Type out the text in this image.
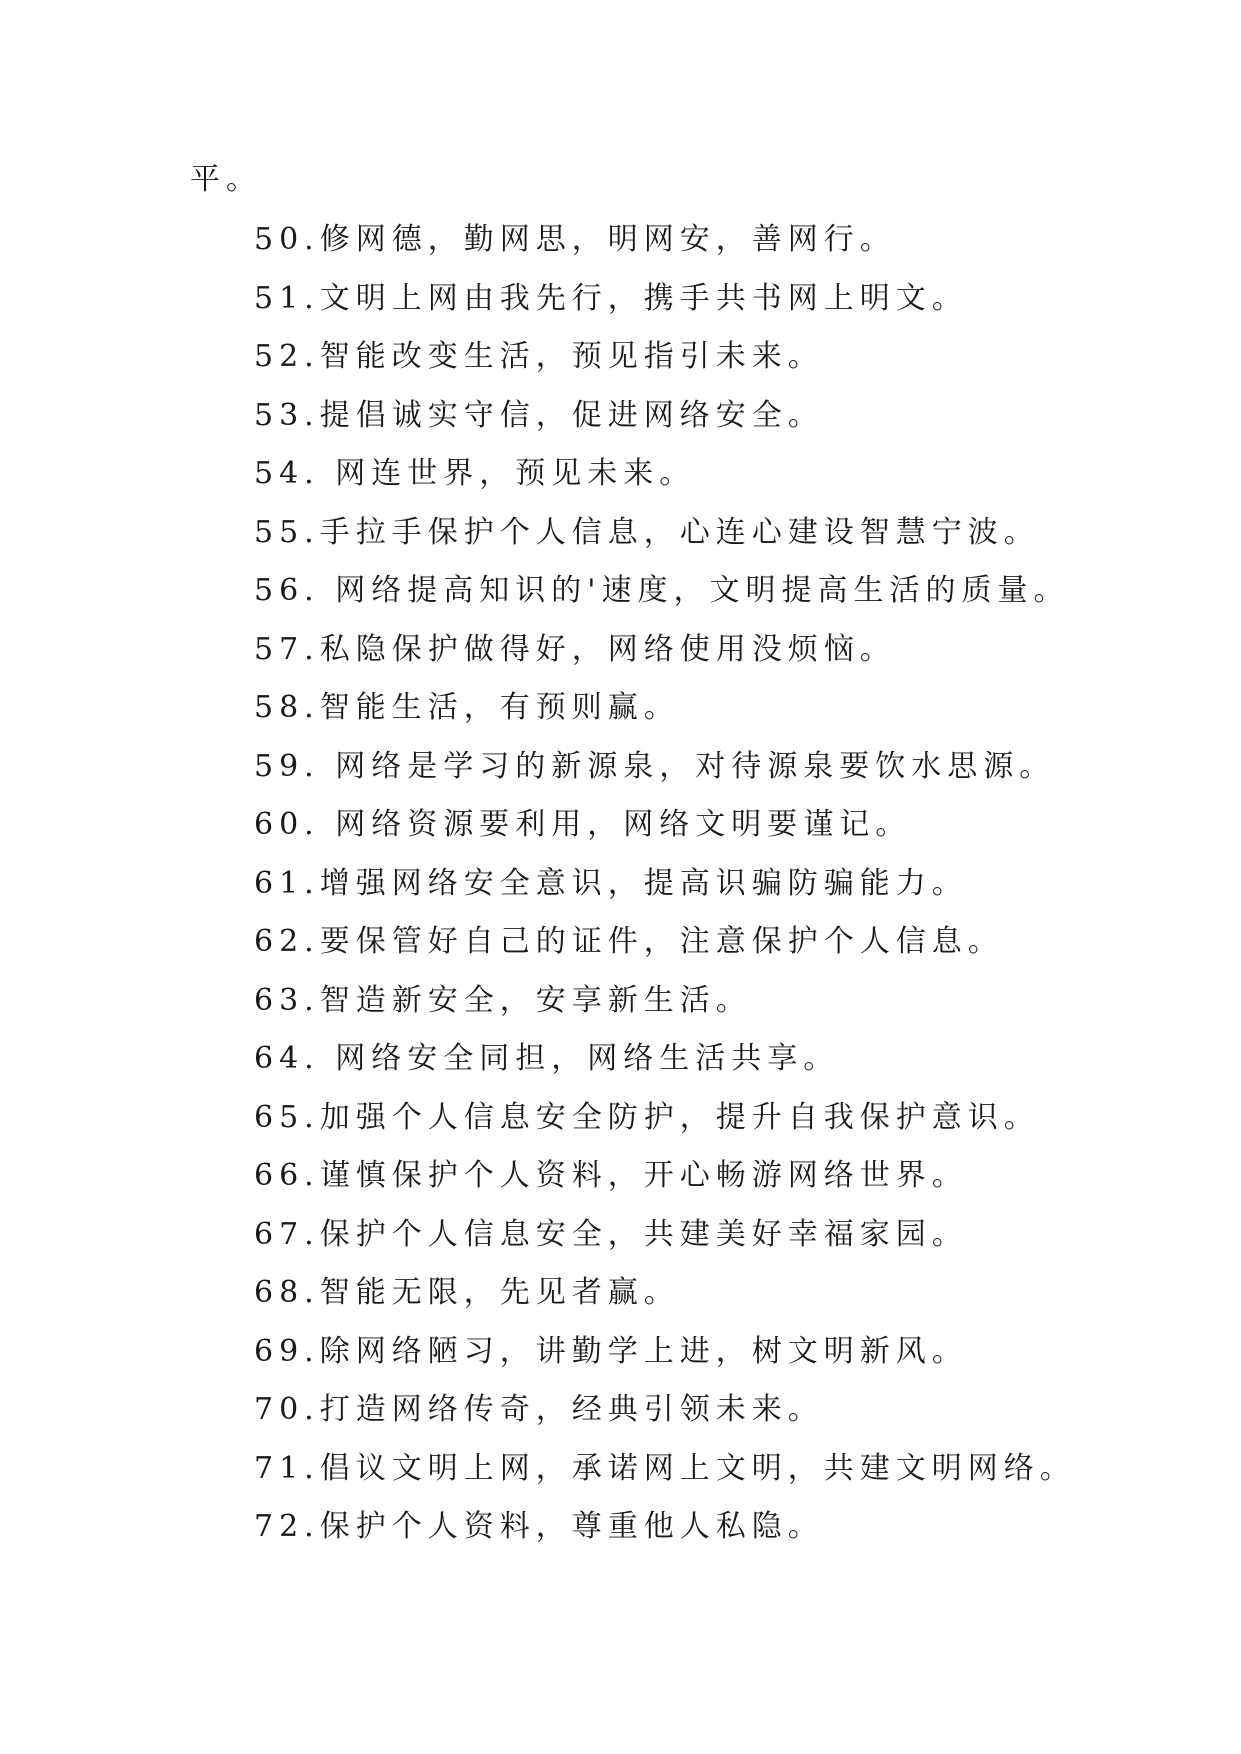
平。
50.修网德，勤网思，明网安，善网行。
51.文明上网由我先行，携手共书网上明文。
52.智能改变生活，预见指引未来。
53.提倡诚实守信，促进网络安全。
54. 网连世界，预见未来。
55.手拉手保护个人信息，心连心建设智慧宁波。
56. 网络提高知识的'速度，文明提高生活的质量。
57.私隐保护做得好，网络使用没烦恼。
58.智能生活，有预则赢。
59. 网络是学习的新源泉，对待源泉要饮水思源。
60. 网络资源要利用，网络文明要谨记。
61.增强网络安全意识，提高识骗防骗能力。
62.要保管好自己的证件，注意保护个人信息。
63.智造新安全，安享新生活。
64. 网络安全同担，网络生活共享。
65.加强个人信息安全防护，提升自我保护意识。
66.谨慎保护个人资料，开心畅游网络世界。
67.保护个人信息安全，共建美好幸福家园。
68.智能无限，先见者赢。
69.除网络陋习，讲勤学上进，树文明新风。
70.打造网络传奇，经典引领未来。
71.倡议文明上网，承诺网上文明，共建文明网络。
72.保护个人资料，尊重他人私隐。
